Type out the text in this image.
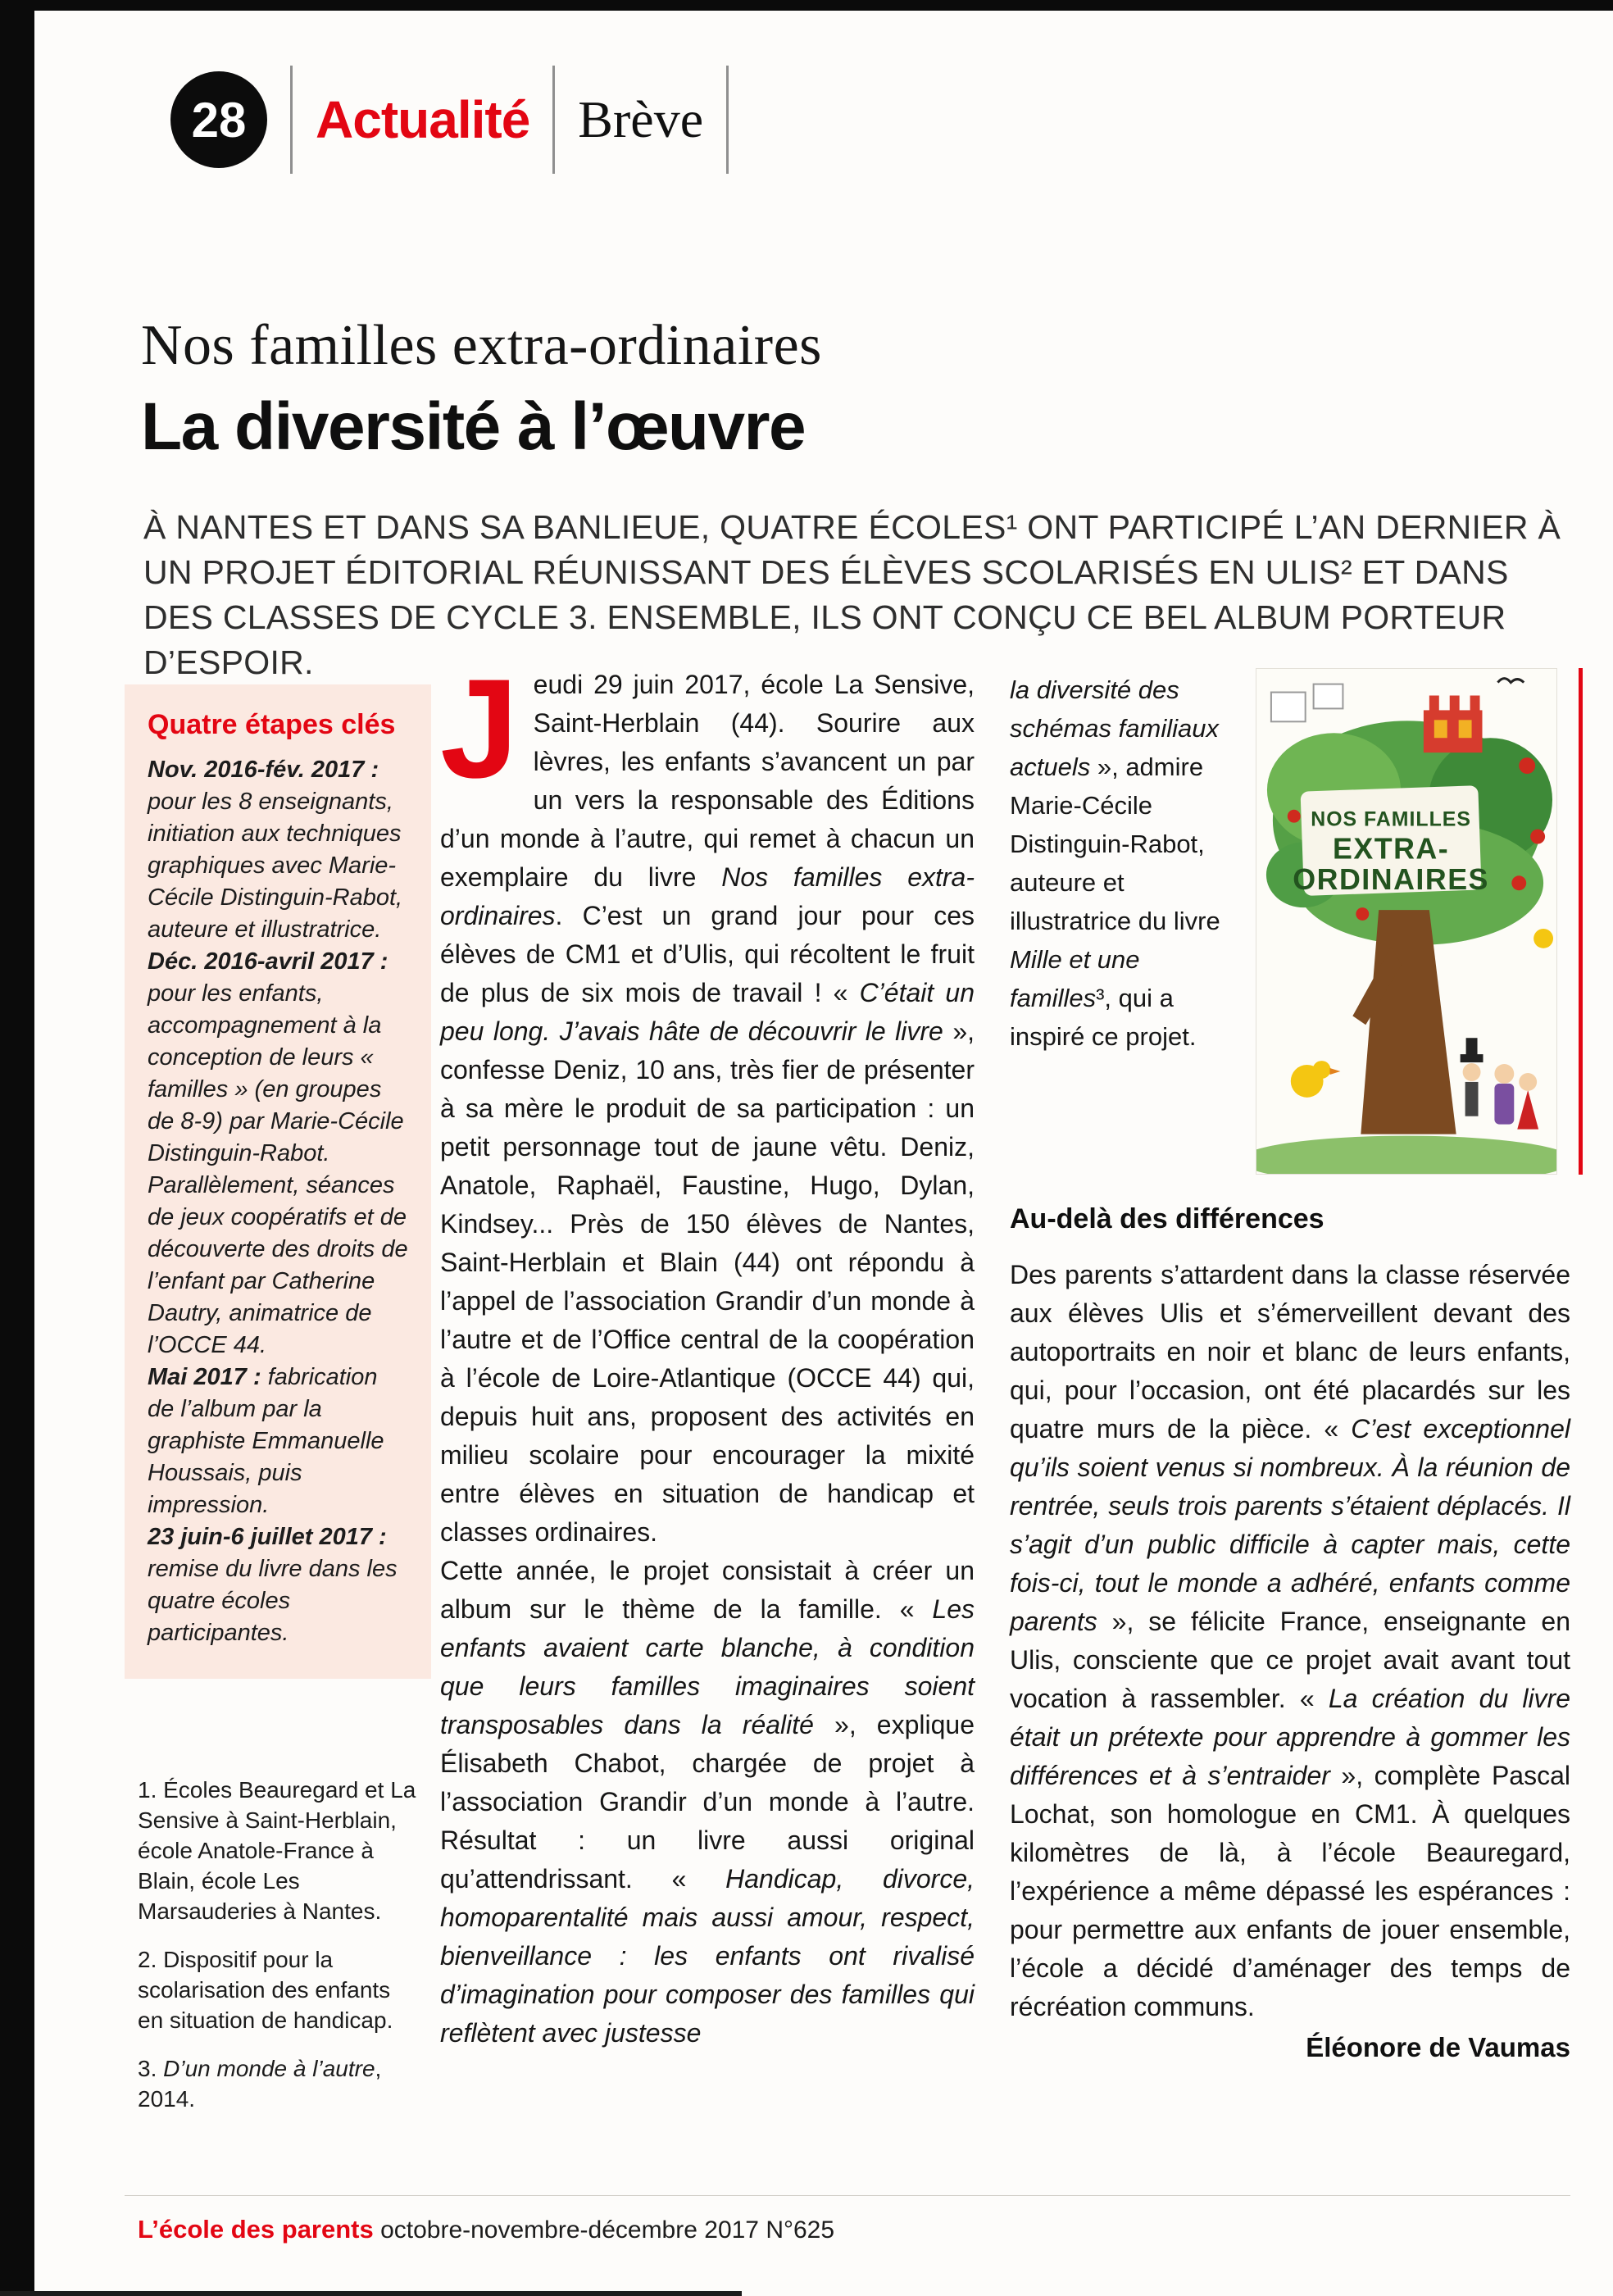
28	Actualité Brève
Nos familles extra-ordinaires
La diversité à l’œuvre
À NANTES ET DANS SA BANLIEUE, QUATRE ÉCOLES¹ ONT PARTICIPÉ L’AN DERNIER À UN PROJET ÉDITORIAL RÉUNISSANT DES ÉLÈVES SCOLARISÉS EN ULIS² ET DANS DES CLASSES DE CYCLE 3. ENSEMBLE, ILS ONT CONÇU CE BEL ALBUM PORTEUR D’ESPOIR.
Quatre étapes clés
Nov. 2016-fév. 2017 : pour les 8 enseignants, initiation aux techniques graphiques avec Marie-Cécile Distinguin-Rabot, auteure et illustratrice.
Déc. 2016-avril 2017 : pour les enfants, accompagnement à la conception de leurs « familles » (en groupes de 8-9) par Marie-Cécile Distinguin-Rabot. Parallèlement, séances de jeux coopératifs et de découverte des droits de l’enfant par Catherine Dautry, animatrice de l’OCCE 44.
Mai 2017 : fabrication de l’album par la graphiste Emmanuelle Houssais, puis impression.
23 juin-6 juillet 2017 : remise du livre dans les quatre écoles participantes.

1. Écoles Beauregard et La Sensive à Saint-Herblain, école Anatole-France à Blain, école Les Marsauderies à Nantes.

2. Dispositif pour la scolarisation des enfants en situation de handicap.

3. D’un monde à l’autre, 2014.

Jeudi 29 juin 2017, école La Sensive, Saint-Herblain (44). Sourire aux lèvres, les enfants s’avancent un par un vers la responsable des Éditions d’un monde à l’autre, qui remet à chacun un exemplaire du livre Nos familles extra-ordinaires. C’est un grand jour pour ces élèves de CM1 et d’Ulis, qui récoltent le fruit de plus de six mois de travail ! « C’était un peu long. J’avais hâte de découvrir le livre », confesse Deniz, 10 ans, très fier de présenter à sa mère le produit de sa participation : un petit personnage tout de jaune vêtu. Deniz, Anatole, Raphaël, Faustine, Hugo, Dylan, Kindsey... Près de 150 élèves de Nantes, Saint-Herblain et Blain (44) ont répondu à l’appel de l’association Grandir d’un monde à l’autre et de l’Office central de la coopération à l’école de Loire-Atlantique (OCCE 44) qui, depuis huit ans, proposent des activités en milieu scolaire pour encourager la mixité entre élèves en situation de handicap et classes ordinaires.

Cette année, le projet consistait à créer un album sur le thème de la famille. « Les enfants avaient carte blanche, à condition que leurs familles imaginaires soient transposables dans la réalité », explique Élisabeth Chabot, chargée de projet à l’association Grandir d’un monde à l’autre. Résultat : un livre aussi original qu’attendrissant. « Handicap, divorce, homoparentalité mais aussi amour, respect, bienveillance : les enfants ont rivalisé d’imagination pour composer des familles qui reflètent avec justesse

la diversité des schémas familiaux actuels », admire Marie-Cécile Distinguin-Rabot, auteure et illustratrice du livre Mille et une familles³, qui a inspiré ce projet.
NOS FAMILLES
EXTRA-
ORDINAIRES
Au-delà des différences

Des parents s’attardent dans la classe réservée aux élèves Ulis et s’émerveillent devant des autoportraits en noir et blanc de leurs enfants, qui, pour l’occasion, ont été placardés sur les quatre murs de la pièce. « C’est exceptionnel qu’ils soient venus si nombreux. À la réunion de rentrée, seuls trois parents s’étaient déplacés. Il s’agit d’un public difficile à capter mais, cette fois-ci, tout le monde a adhéré, enfants comme parents », se félicite France, enseignante en Ulis, consciente que ce projet avait avant tout vocation à rassembler. « La création du livre était un prétexte pour apprendre à gommer les différences et à s’entraider », complète Pascal Lochat, son homologue en CM1. À quelques kilomètres de là, à l’école Beauregard, l’expérience a même dépassé les espérances : pour permettre aux enfants de jouer ensemble, l’école a décidé d’aménager des temps de récréation communs.

Éléonore de Vaumas
L’école des parents octobre-novembre-décembre 2017 N°625
